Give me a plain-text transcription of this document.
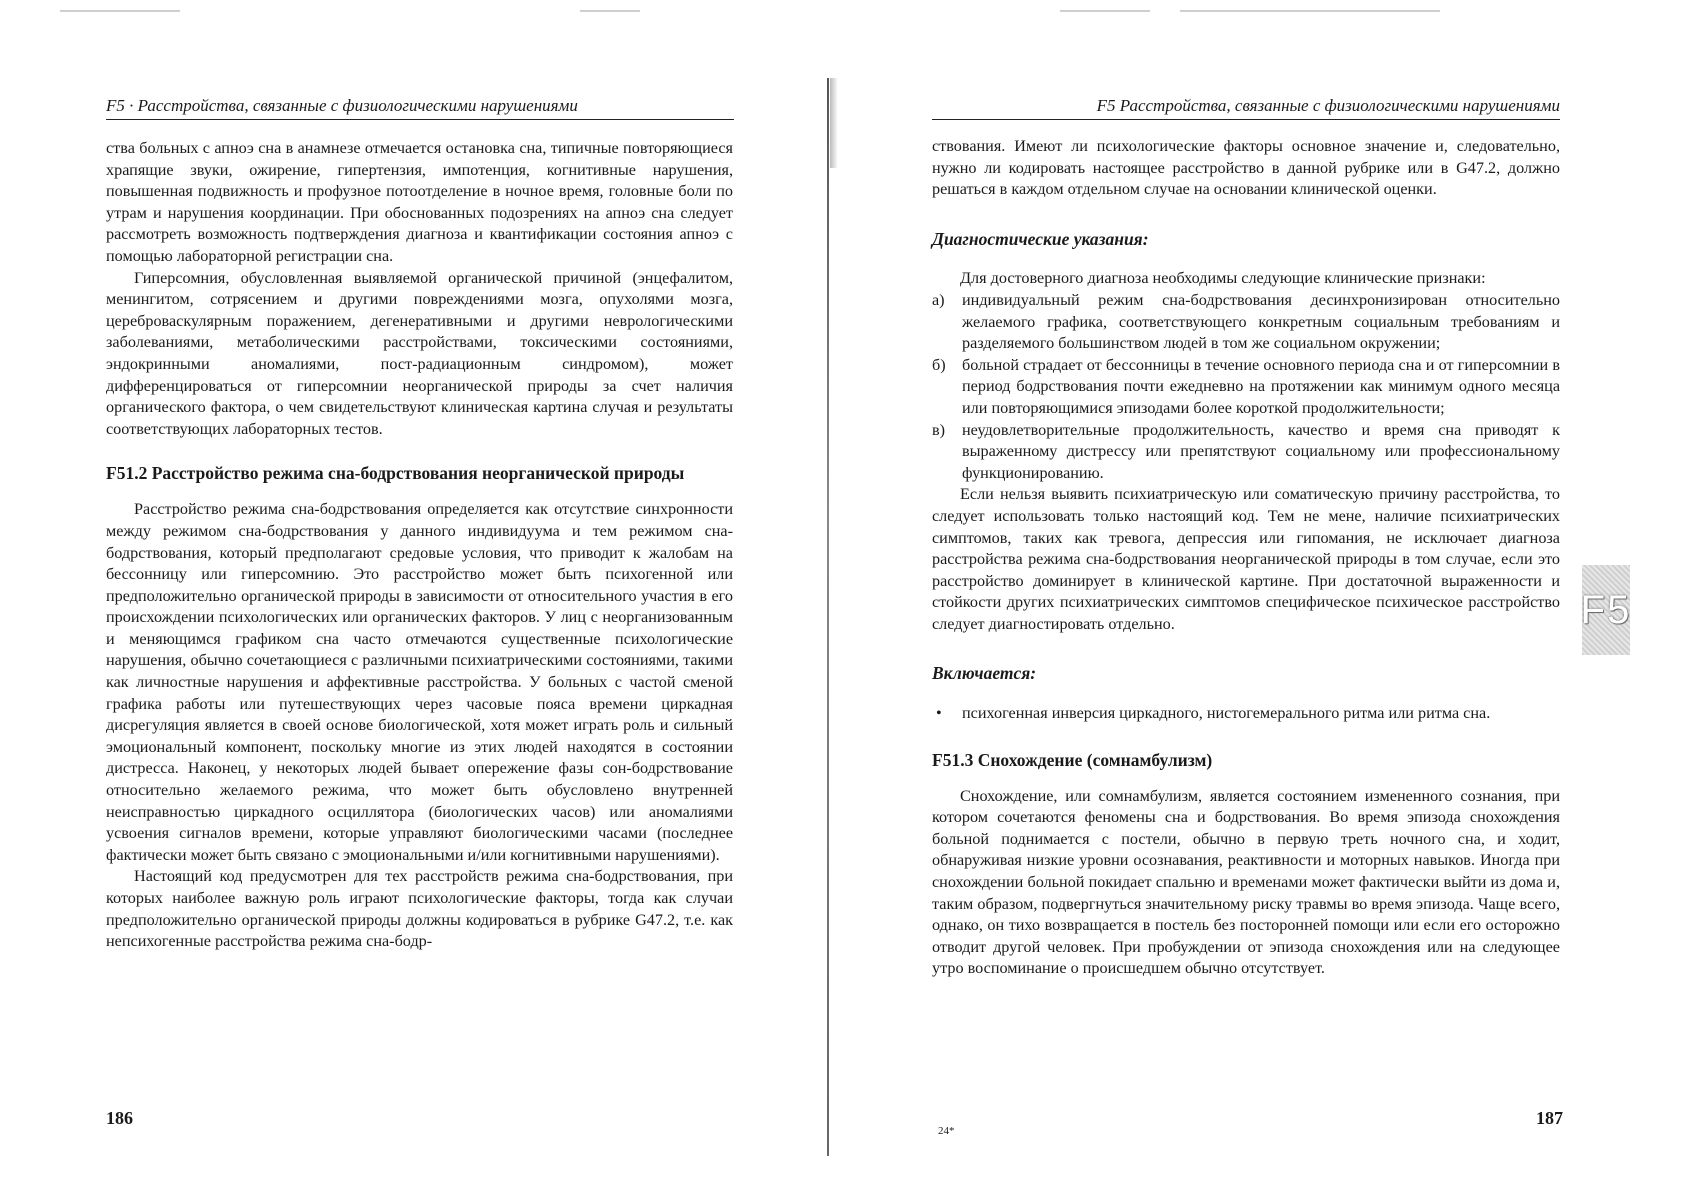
F5 · Расстройства, связанные с физиологическими нарушениями

ства больных с апноэ сна в анамнезе отмечается остановка сна, типичные повторяющиеся храпящие звуки, ожирение, гипертензия, импотенция, когнитивные нарушения, повышенная подвижность и профузное потоотделение в ночное время, головные боли по утрам и нарушения координации. При обоснованных подозрениях на апноэ сна следует рассмотреть возможность подтверждения диагноза и квантификации состояния апноэ с помощью лабораторной регистрации сна.

Гиперсомния, обусловленная выявляемой органической причиной (энцефалитом, менингитом, сотрясением и другими повреждениями мозга, опухолями мозга, цереброваскулярным поражением, дегенеративными и другими неврологическими заболеваниями, метаболическими расстройствами, токсическими состояниями, эндокринными аномалиями, пост-радиационным синдромом), может дифференцироваться от гиперсомнии неорганической природы за счет наличия органического фактора, о чем свидетельствуют клиническая картина случая и результаты соответствующих лабораторных тестов.

F51.2 Расстройство режима сна-бодрствования неорганической природы

Расстройство режима сна-бодрствования определяется как отсутствие синхронности между режимом сна-бодрствования у данного индивидуума и тем режимом сна-бодрствования, который предполагают средовые условия, что приводит к жалобам на бессонницу или гиперсомнию. Это расстройство может быть психогенной или предположительно органической природы в зависимости от относительного участия в его происхождении психологических или органических факторов. У лиц с неорганизованным и меняющимся графиком сна часто отмечаются существенные психологические нарушения, обычно сочетающиеся с различными психиатрическими состояниями, такими как личностные нарушения и аффективные расстройства. У больных с частой сменой графика работы или путешествующих через часовые пояса времени циркадная дисрегуляция является в своей основе биологической, хотя может играть роль и сильный эмоциональный компонент, поскольку многие из этих людей находятся в состоянии дистресса. Наконец, у некоторых людей бывает опережение фазы сон-бодрствование относительно желаемого режима, что может быть обусловлено внутренней неисправностью циркадного осциллятора (биологических часов) или аномалиями усвоения сигналов времени, которые управляют биологическими часами (последнее фактически может быть связано с эмоциональными и/или когнитивными нарушениями).

Настоящий код предусмотрен для тех расстройств режима сна-бодрствования, при которых наиболее важную роль играют психологические факторы, тогда как случаи предположительно органической природы должны кодироваться в рубрике G47.2, т.е. как непсихогенные расстройства режима сна-бодр-

186
F5 Расстройства, связанные с физиологическими нарушениями

ствования. Имеют ли психологические факторы основное значение и, следовательно, нужно ли кодировать настоящее расстройство в данной рубрике или в G47.2, должно решаться в каждом отдельном случае на основании клинической оценки.

Диагностические указания:

Для достоверного диагноза необходимы следующие клинические признаки:

а) индивидуальный режим сна-бодрствования десинхронизирован относительно желаемого графика, соответствующего конкретным социальным требованиям и разделяемого большинством людей в том же социальном окружении;
б) больной страдает от бессонницы в течение основного периода сна и от гиперсомнии в период бодрствования почти ежедневно на протяжении как минимум одного месяца или повторяющимися эпизодами более короткой продолжительности;
в) неудовлетворительные продолжительность, качество и время сна приводят к выраженному дистрессу или препятствуют социальному или профессиональному функционированию.

Если нельзя выявить психиатрическую или соматическую причину расстройства, то следует использовать только настоящий код. Тем не мене, наличие психиатрических симптомов, таких как тревога, депрессия или гипомания, не исключает диагноза расстройства режима сна-бодрствования неорганической природы в том случае, если это расстройство доминирует в клинической картине. При достаточной выраженности и стойкости других психиатрических симптомов специфическое психическое расстройство следует диагностировать отдельно.

Включается:
• психогенная инверсия циркадного, нистогемерального ритма или ритма сна.
F51.3 Снохождение (сомнамбулизм)

Снохождение, или сомнамбулизм, является состоянием измененного сознания, при котором сочетаются феномены сна и бодрствования. Во время эпизода снохождения больной поднимается с постели, обычно в первую треть ночного сна, и ходит, обнаруживая низкие уровни осознавания, реактивности и моторных навыков. Иногда при снохождении больной покидает спальню и временами может фактически выйти из дома и, таким образом, подвергнуться значительному риску травмы во время эпизода. Чаще всего, однако, он тихо возвращается в постель без посторонней помощи или если его осторожно отводит другой человек. При пробуждении от эпизода снохождения или на следующее утро воспоминание о происшедшем обычно отсутствует.

24*
187
F5
